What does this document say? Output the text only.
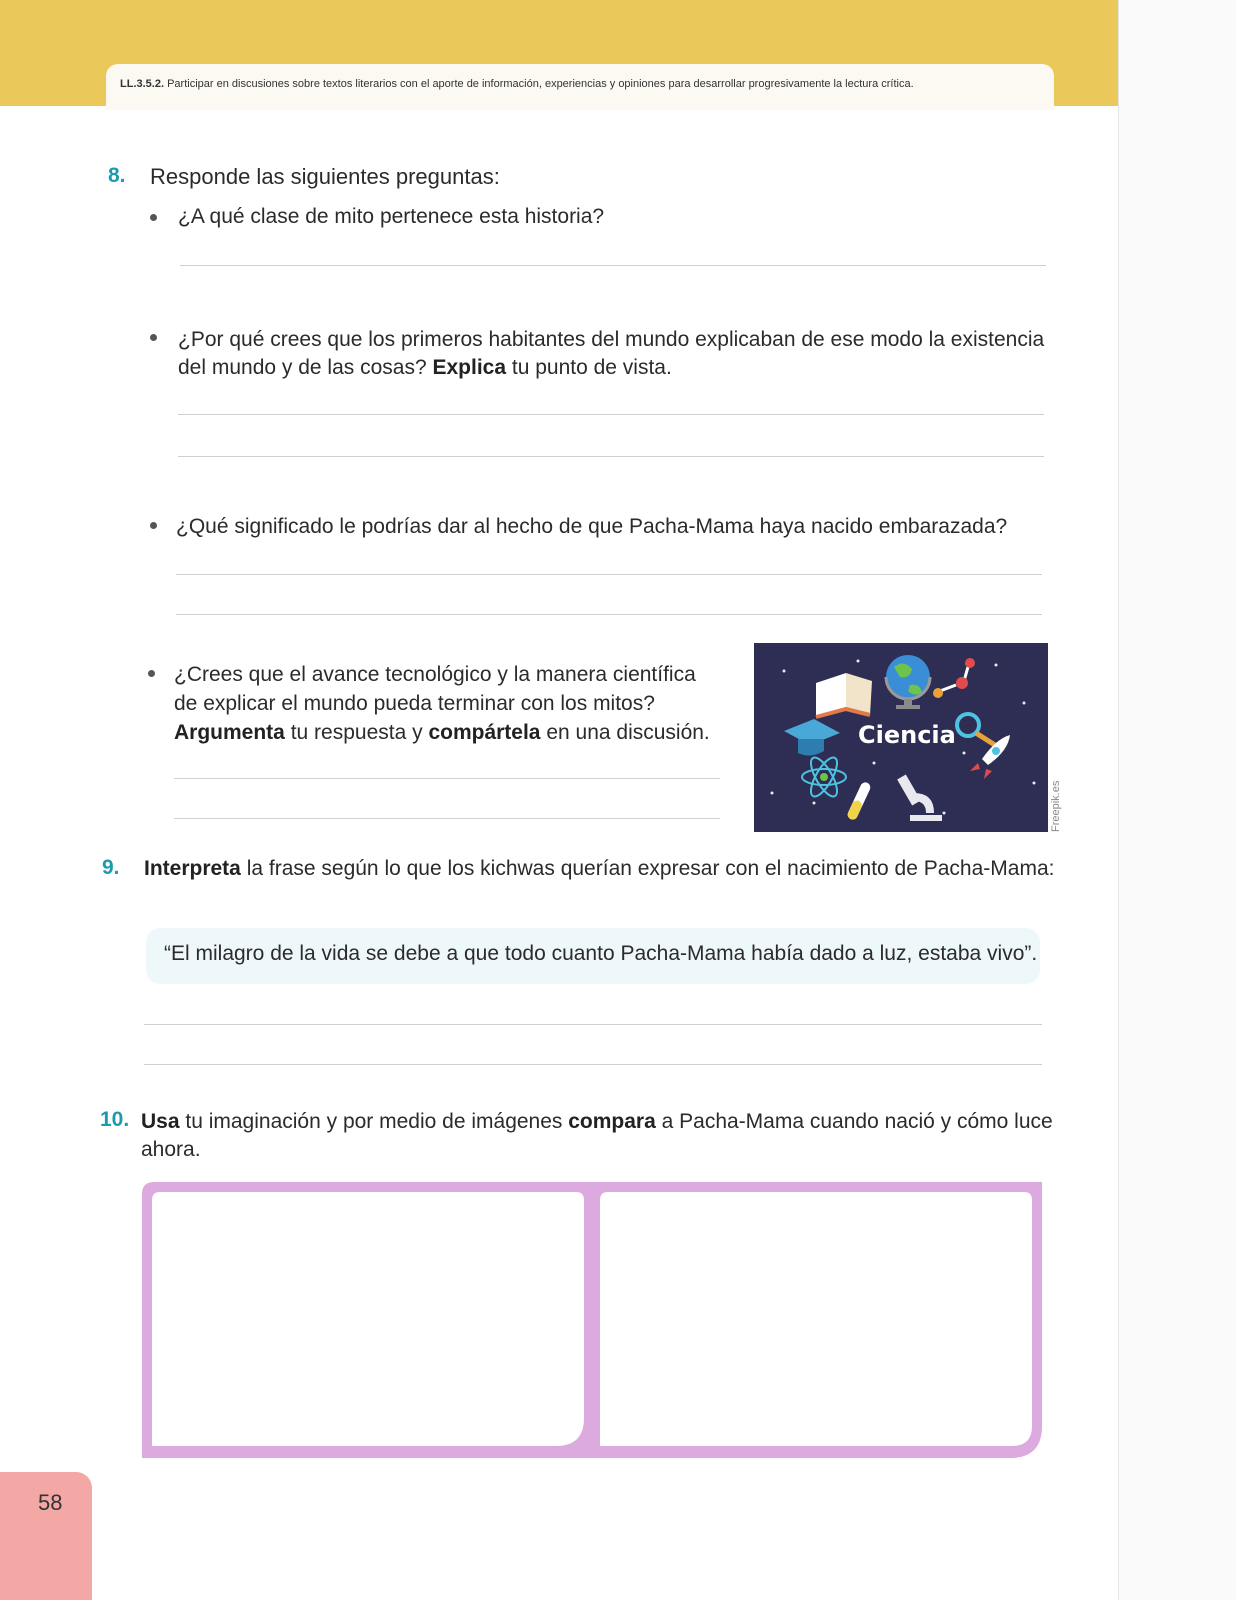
LL.3.5.2. Participar en discusiones sobre textos literarios con el aporte de información, experiencias y opiniones para desarrollar progresivamente la lectura crítica.
8. Responde las siguientes preguntas:
¿A qué clase de mito pertenece esta historia?
¿Por qué crees que los primeros habitantes del mundo explicaban de ese modo la existencia
del mundo y de las cosas? Explica tu punto de vista.
¿Qué significado le podrías dar al hecho de que Pacha-Mama haya nacido embarazada?
¿Crees que el avance tecnológico y la manera científica
de explicar el mundo pueda terminar con los mitos?
Argumenta tu respuesta y compártela en una discusión.	Ciencia
Freepik.es
9. Interpreta la frase según lo que los kichwas querían expresar con el nacimiento de Pacha-Mama:
“El milagro de la vida se debe a que todo cuanto Pacha-Mama había dado a luz, estaba vivo”.
10. Usa tu imaginación y por medio de imágenes compara a Pacha-Mama cuando nació y cómo luce
ahora.
58
